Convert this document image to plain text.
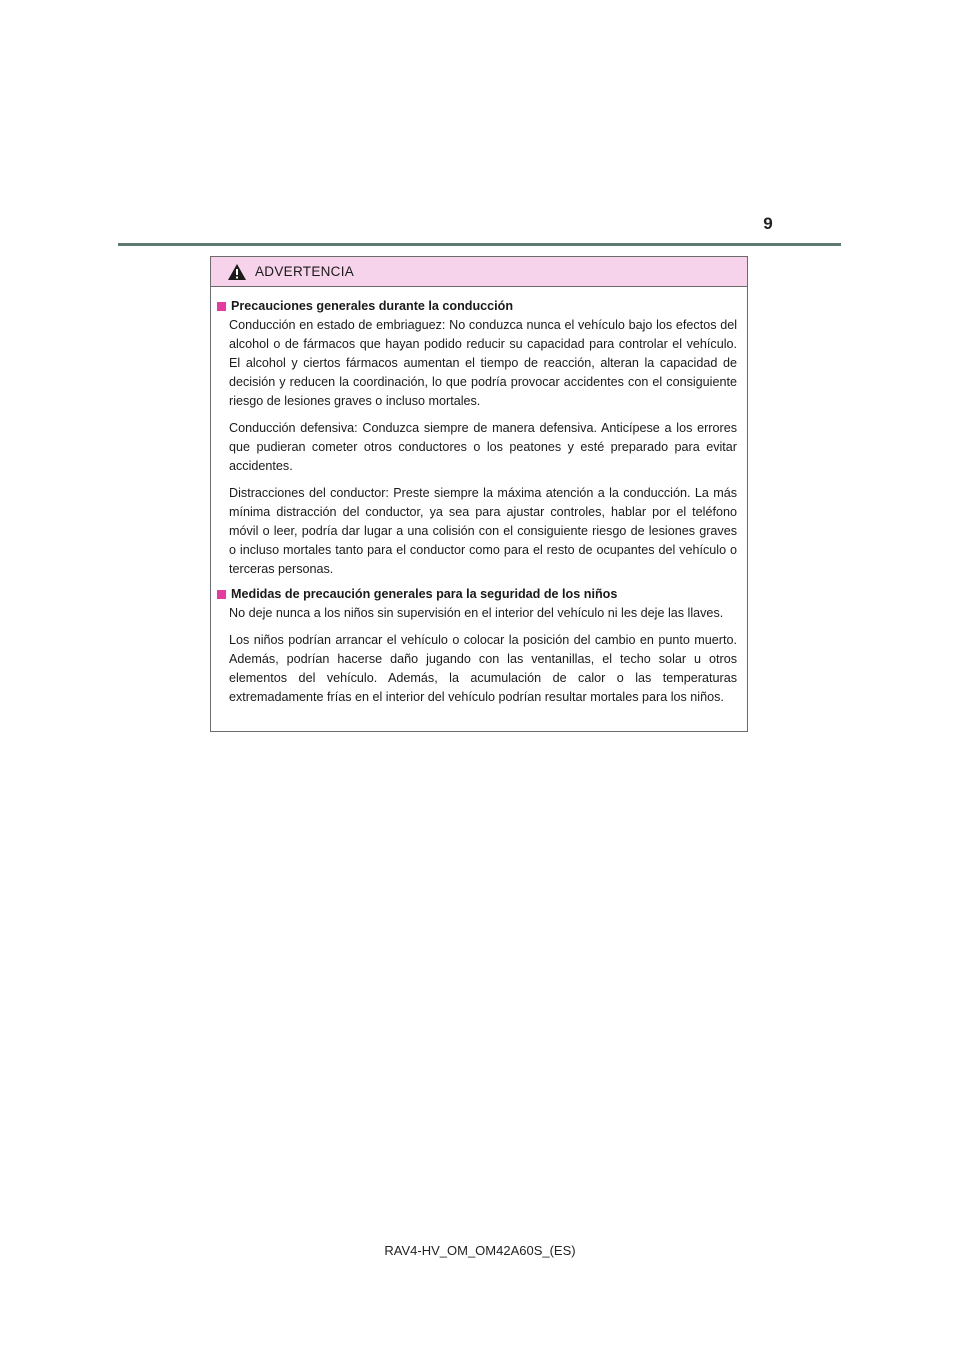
9
ADVERTENCIA
Precauciones generales durante la conducción

Conducción en estado de embriaguez: No conduzca nunca el vehículo bajo los efectos del alcohol o de fármacos que hayan podido reducir su capacidad para controlar el vehículo. El alcohol y ciertos fármacos aumentan el tiempo de reacción, alteran la capacidad de decisión y reducen la coordinación, lo que podría provocar accidentes con el consiguiente riesgo de lesiones graves o incluso mortales.

Conducción defensiva: Conduzca siempre de manera defensiva. Anticípese a los errores que pudieran cometer otros conductores o los peatones y esté preparado para evitar accidentes.

Distracciones del conductor: Preste siempre la máxima atención a la conducción. La más mínima distracción del conductor, ya sea para ajustar controles, hablar por el teléfono móvil o leer, podría dar lugar a una colisión con el consiguiente riesgo de lesiones graves o incluso mortales tanto para el conductor como para el resto de ocupantes del vehículo o terceras personas.

Medidas de precaución generales para la seguridad de los niños

No deje nunca a los niños sin supervisión en el interior del vehículo ni les deje las llaves.

Los niños podrían arrancar el vehículo o colocar la posición del cambio en punto muerto. Además, podrían hacerse daño jugando con las ventanillas, el techo solar u otros elementos del vehículo. Además, la acumulación de calor o las temperaturas extremadamente frías en el interior del vehículo podrían resultar mortales para los niños.

RAV4-HV_OM_OM42A60S_(ES)
